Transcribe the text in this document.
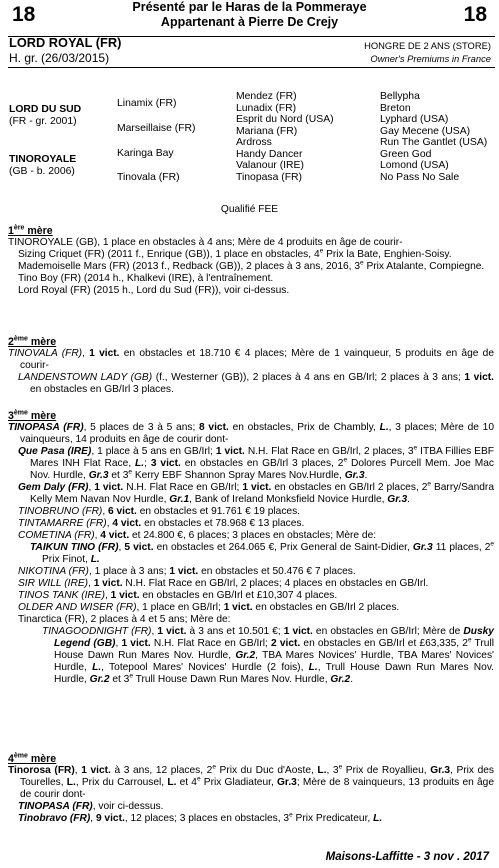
18	18
Présenté par le Haras de la Pommeraye
Appartenant à Pierre De Crejy
LORD ROYAL (FR)
H. gr. (26/03/2015)
HONGRE DE 2 ANS (STORE)
Owner's Premiums in France
LORD DU SUD
(FR - gr. 2001)
TINOROYALE
(GB - b. 2006)
Linamix (FR)
Marseillaise (FR)
Karinga Bay
Tinovala (FR)
Mendez (FR)
Lunadix (FR)
Esprit du Nord (USA)
Mariana (FR)
Ardross
Handy Dancer
Valanour (IRE)
Tinopasa (FR)
Bellypha
Breton
Lyphard (USA)
Gay Mecene (USA)
Run The Gantlet (USA)
Green God
Lomond (USA)
No Pass No Sale
Qualifié FEE
1ère mère

TINOROYALE (GB), 1 place en obstacles à 4 ans; Mère de 4 produits en âge de courir-

Sizing Criquet (FR) (2011 f., Enrique (GB)), 1 place en obstacles, 4e Prix la Bate, Enghien-Soisy.

Mademoiselle Mars (FR) (2013 f., Redback (GB)), 2 places à 3 ans, 2016, 3e Prix Atalante, Compiegne.

Tino Boy (FR) (2014 h., Khalkevi (IRE), à l'entraînement.

Lord Royal (FR) (2015 h., Lord du Sud (FR)), voir ci-dessus.

2ème mère

TINOVALA (FR), 1 vict. en obstacles et 18.710 € 4 places; Mère de 1 vainqueur, 5 produits en âge de courir-

LANDENSTOWN LADY (GB) (f., Westerner (GB)), 2 places à 4 ans en GB/Irl; 2 places à 3 ans; 1 vict. en obstacles en GB/Irl 3 places.

3ème mère

TINOPASA (FR), 5 places de 3 à 5 ans; 8 vict. en obstacles, Prix de Chambly, L., 3 places; Mère de 10 vainqueurs, 14 produits en âge de courir dont-

Que Pasa (IRE), 1 place à 5 ans en GB/Irl; 1 vict. N.H. Flat Race en GB/Irl, 2 places, 3e ITBA Fillies EBF Mares INH Flat Race, L.; 3 vict. en obstacles en GB/Irl 3 places, 2e Dolores Purcell Mem. Joe Mac Nov. Hurdle, Gr.3 et 3e Kerry EBF Shannon Spray Mares Nov.Hurdle, Gr.3.

Gem Daly (FR), 1 vict. N.H. Flat Race en GB/Irl; 1 vict. en obstacles en GB/Irl 2 places, 2e Barry/Sandra Kelly Mem Navan Nov Hurdle, Gr.1, Bank of Ireland Monksfield Novice Hurdle, Gr.3.

TINOBRUNO (FR), 6 vict. en obstacles et 91.761 € 19 places.

TINTAMARRE (FR), 4 vict. en obstacles et 78.968 € 13 places.

COMETINA (FR), 4 vict. et 24.800 €, 6 places; 3 places en obstacles; Mère de:

TAIKUN TINO (FR), 5 vict. en obstacles et 264.065 €, Prix General de Saint-Didier, Gr.3 11 places, 2e Prix Finot, L.

NIKOTINA (FR), 1 place à 3 ans; 1 vict. en obstacles et 50.476 € 7 places.

SIR WILL (IRE), 1 vict. N.H. Flat Race en GB/Irl, 2 places; 4 places en obstacles en GB/Irl.

TINOS TANK (IRE), 1 vict. en obstacles en GB/Irl et £10,307 4 places.

OLDER AND WISER (FR), 1 place en GB/Irl; 1 vict. en obstacles en GB/Irl 2 places.

Tinarctica (FR), 2 places à 4 et 5 ans; Mère de:

TINAGOODNIGHT (FR), 1 vict. à 3 ans et 10.501 €; 1 vict. en obstacles en GB/Irl; Mère de Dusky Legend (GB), 1 vict. N.H. Flat Race en GB/Irl; 2 vict. en obstacles en GB/Irl et £63,335, 2e Trull House Dawn Run Mares Nov. Hurdle, Gr.2, TBA Mares Novices' Hurdle, TBA Mares' Novices' Hurdle, L., Totepool Mares' Novices' Hurdle (2 fois), L., Trull House Dawn Run Mares Nov. Hurdle, Gr.2 et 3e Trull House Dawn Run Mares Nov. Hurdle, Gr.2.

4ème mère

Tinorosa (FR), 1 vict. à 3 ans, 12 places, 2e Prix du Duc d'Aoste, L., 3e Prix de Royallieu, Gr.3, Prix des Tourelles, L., Prix du Carrousel, L. et 4e Prix Gladiateur, Gr.3; Mère de 8 vainqueurs, 13 produits en âge de courir dont-

TINOPASA (FR), voir ci-dessus.

Tinobravo (FR), 9 vict., 12 places; 3 places en obstacles, 3e Prix Predicateur, L.

Maisons-Laffitte - 3 nov . 2017
